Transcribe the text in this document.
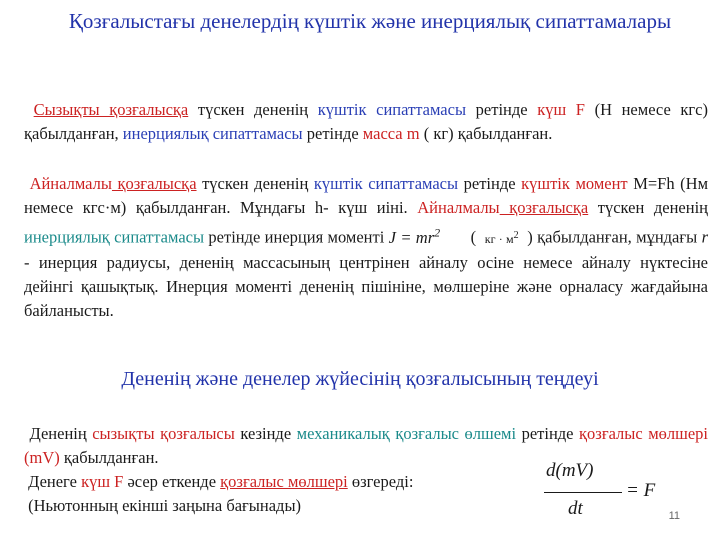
Қозғалыстағы денелердің күштік және инерциялық сипаттамалары
Сызықты қозғалысқа түскен дененің күштік сипаттамасы ретінде күш F (Н немесе кгс) қабылданған, инерциялық сипаттамасы ретінде масса m ( кг) қабылданған.
Айналмалы қозғалысқа түскен дененің күштік сипаттамасы ретінде күштік момент M=Fh (Нм немесе кгс·м) қабылданған. Мұндағы h- күш иіні. Айналмалы қозғалысқа түскен дененің инерциялық сипаттамасы ретінде инерция моменті $J = mr^2$ ( кг · $м^2$ ) қабылданған, мұндағы r - инерция радиусы, дененің массасының центрінен айналу осіне немесе айналу нүктесіне дейінгі қашықтық. Инерция моменті дененің пішініне, мөлшеріне және орналасу жағдайына байланысты.
Дененің және денелер жүйесінің қозғалысының теңдеуі
Дененің сызықты қозғалысы кезінде механикалық қозғалыс өлшемі ретінде қозғалыс мөлшері (mV) қабылданған.
Денеге күш F әсер еткенде қозғалыс мөлшері өзгереді:
(Ньютонның екінші заңына бағынады)
d(mV)
dt
= F
11
